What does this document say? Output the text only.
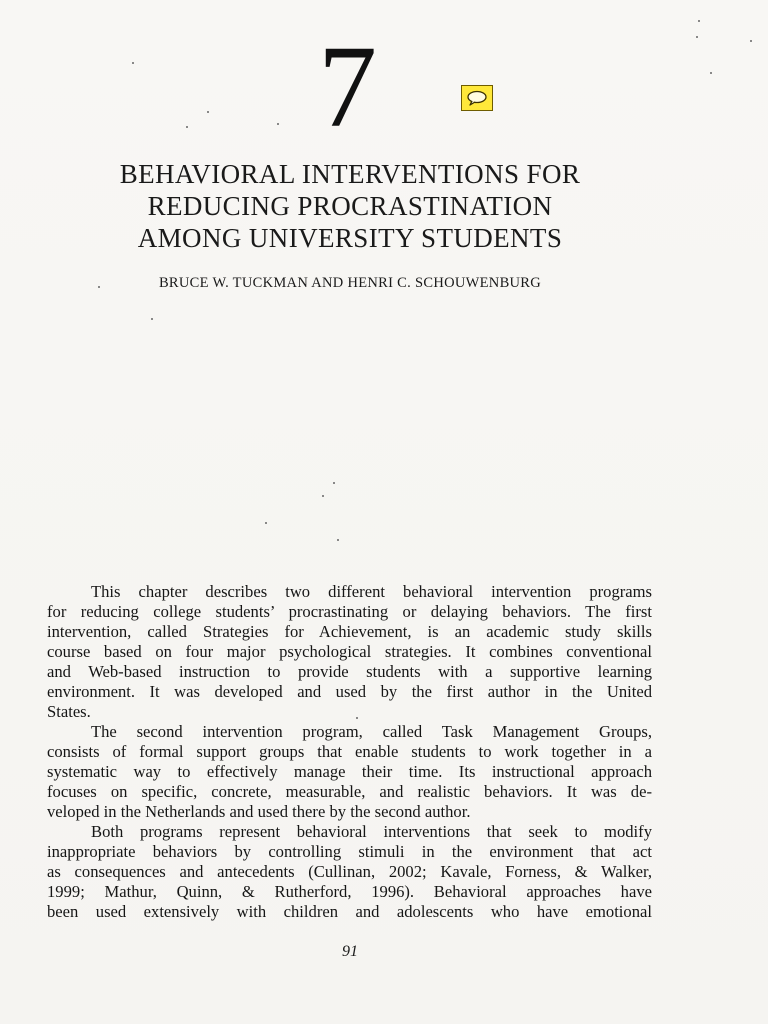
7
BEHAVIORAL INTERVENTIONS FOR
REDUCING PROCRASTINATION
AMONG UNIVERSITY STUDENTS
BRUCE W. TUCKMAN AND HENRI C. SCHOUWENBURG
This chapter describes two different behavioral intervention programs
for reducing college students’ procrastinating or delaying behaviors. The first
intervention, called Strategies for Achievement, is an academic study skills
course based on four major psychological strategies. It combines conventional
and Web-based instruction to provide students with a supportive learning
environment. It was developed and used by the first author in the United
States.
The second intervention program, called Task Management Groups,
consists of formal support groups that enable students to work together in a
systematic way to effectively manage their time. Its instructional approach
focuses on specific, concrete, measurable, and realistic behaviors. It was de-
veloped in the Netherlands and used there by the second author.
Both programs represent behavioral interventions that seek to modify
inappropriate behaviors by controlling stimuli in the environment that act
as consequences and antecedents (Cullinan, 2002; Kavale, Forness, & Walker,
1999; Mathur, Quinn, & Rutherford, 1996). Behavioral approaches have
been used extensively with children and adolescents who have emotional
91
